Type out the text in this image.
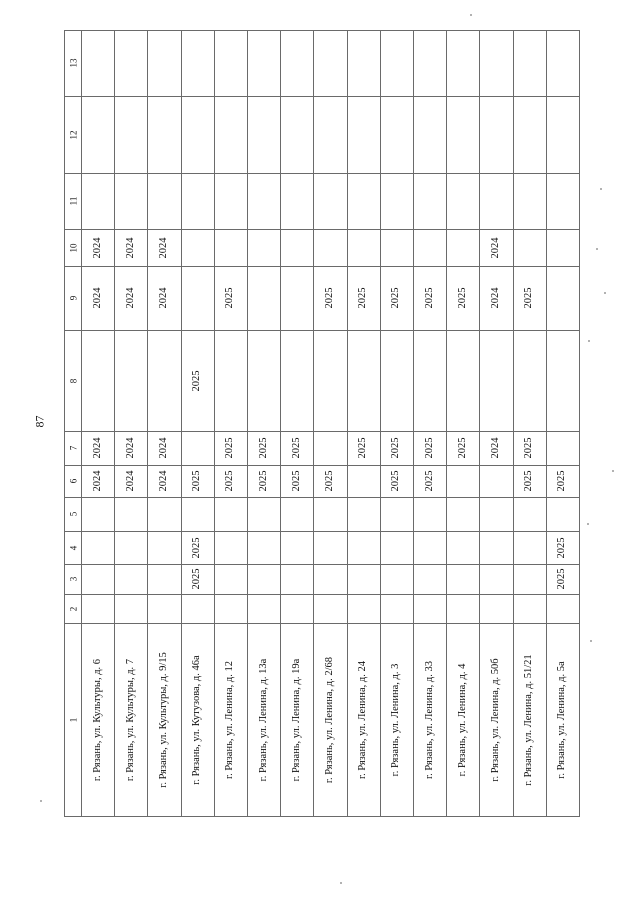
87
1
2
3
4
5
6
7
8
9
10
11
12
13
г. Рязань, ул. Культуры, д. 6
2024
2024
2024
2024
г. Рязань, ул. Культуры, д. 7
2024
2024
2024
2024
г. Рязань, ул. Культуры, д. 9/15
2024
2024
2024
2024
г. Рязань, ул. Кутузова, д. 46а
2025
2025
2025
2025
г. Рязань, ул. Ленина, д. 12
2025
2025
2025
г. Рязань, ул. Ленина, д. 13а
2025
2025
г. Рязань, ул. Ленина, д. 19а
2025
2025
г. Рязань, ул. Ленина, д. 2/68
2025
2025
г. Рязань, ул. Ленина, д. 24
2025
2025
г. Рязань, ул. Ленина, д. 3
2025
2025
2025
г. Рязань, ул. Ленина, д. 33
2025
2025
2025
г. Рязань, ул. Ленина, д. 4
2025
2025
г. Рязань, ул. Ленина, д. 50б
2024
2024
2024
г. Рязань, ул. Ленина, д. 51/21
2025
2025
2025
г. Рязань, ул. Ленина, д. 5а
2025
2025
2025
